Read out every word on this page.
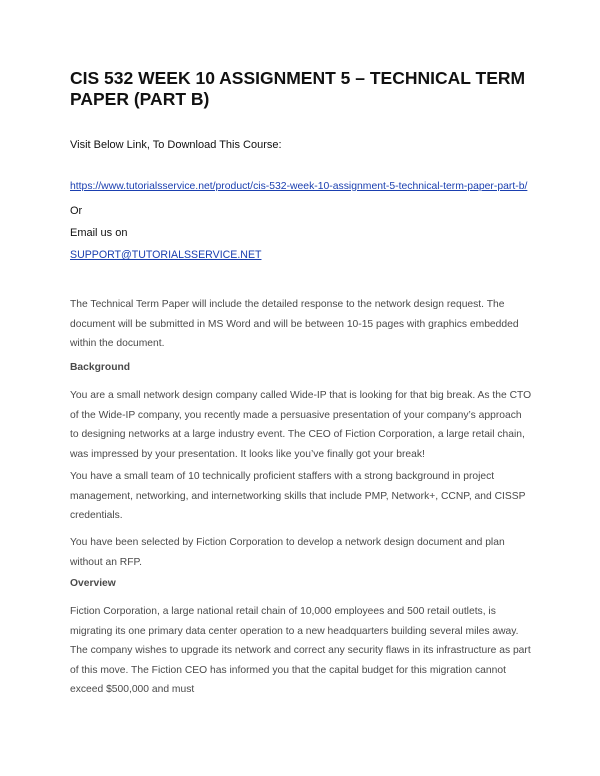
CIS 532 WEEK 10 ASSIGNMENT 5 – TECHNICAL TERM PAPER (PART B)
Visit Below Link, To Download This Course:
https://www.tutorialsservice.net/product/cis-532-week-10-assignment-5-technical-term-paper-part-b/
Or
Email us on
SUPPORT@TUTORIALSSERVICE.NET

The Technical Term Paper will include the detailed response to the network design request. The document will be submitted in MS Word and will be between 10-15 pages with graphics embedded within the document.

Background

You are a small network design company called Wide-IP that is looking for that big break. As the CTO of the Wide-IP company, you recently made a persuasive presentation of your company’s approach to designing networks at a large industry event. The CEO of Fiction Corporation, a large retail chain, was impressed by your presentation. It looks like you’ve finally got your break!

You have a small team of 10 technically proficient staffers with a strong background in project management, networking, and internetworking skills that include PMP, Network+, CCNP, and CISSP credentials.

You have been selected by Fiction Corporation to develop a network design document and plan without an RFP.

Overview

Fiction Corporation, a large national retail chain of 10,000 employees and 500 retail outlets, is migrating its one primary data center operation to a new headquarters building several miles away. The company wishes to upgrade its network and correct any security flaws in its infrastructure as part of this move. The Fiction CEO has informed you that the capital budget for this migration cannot exceed $500,000 and must
